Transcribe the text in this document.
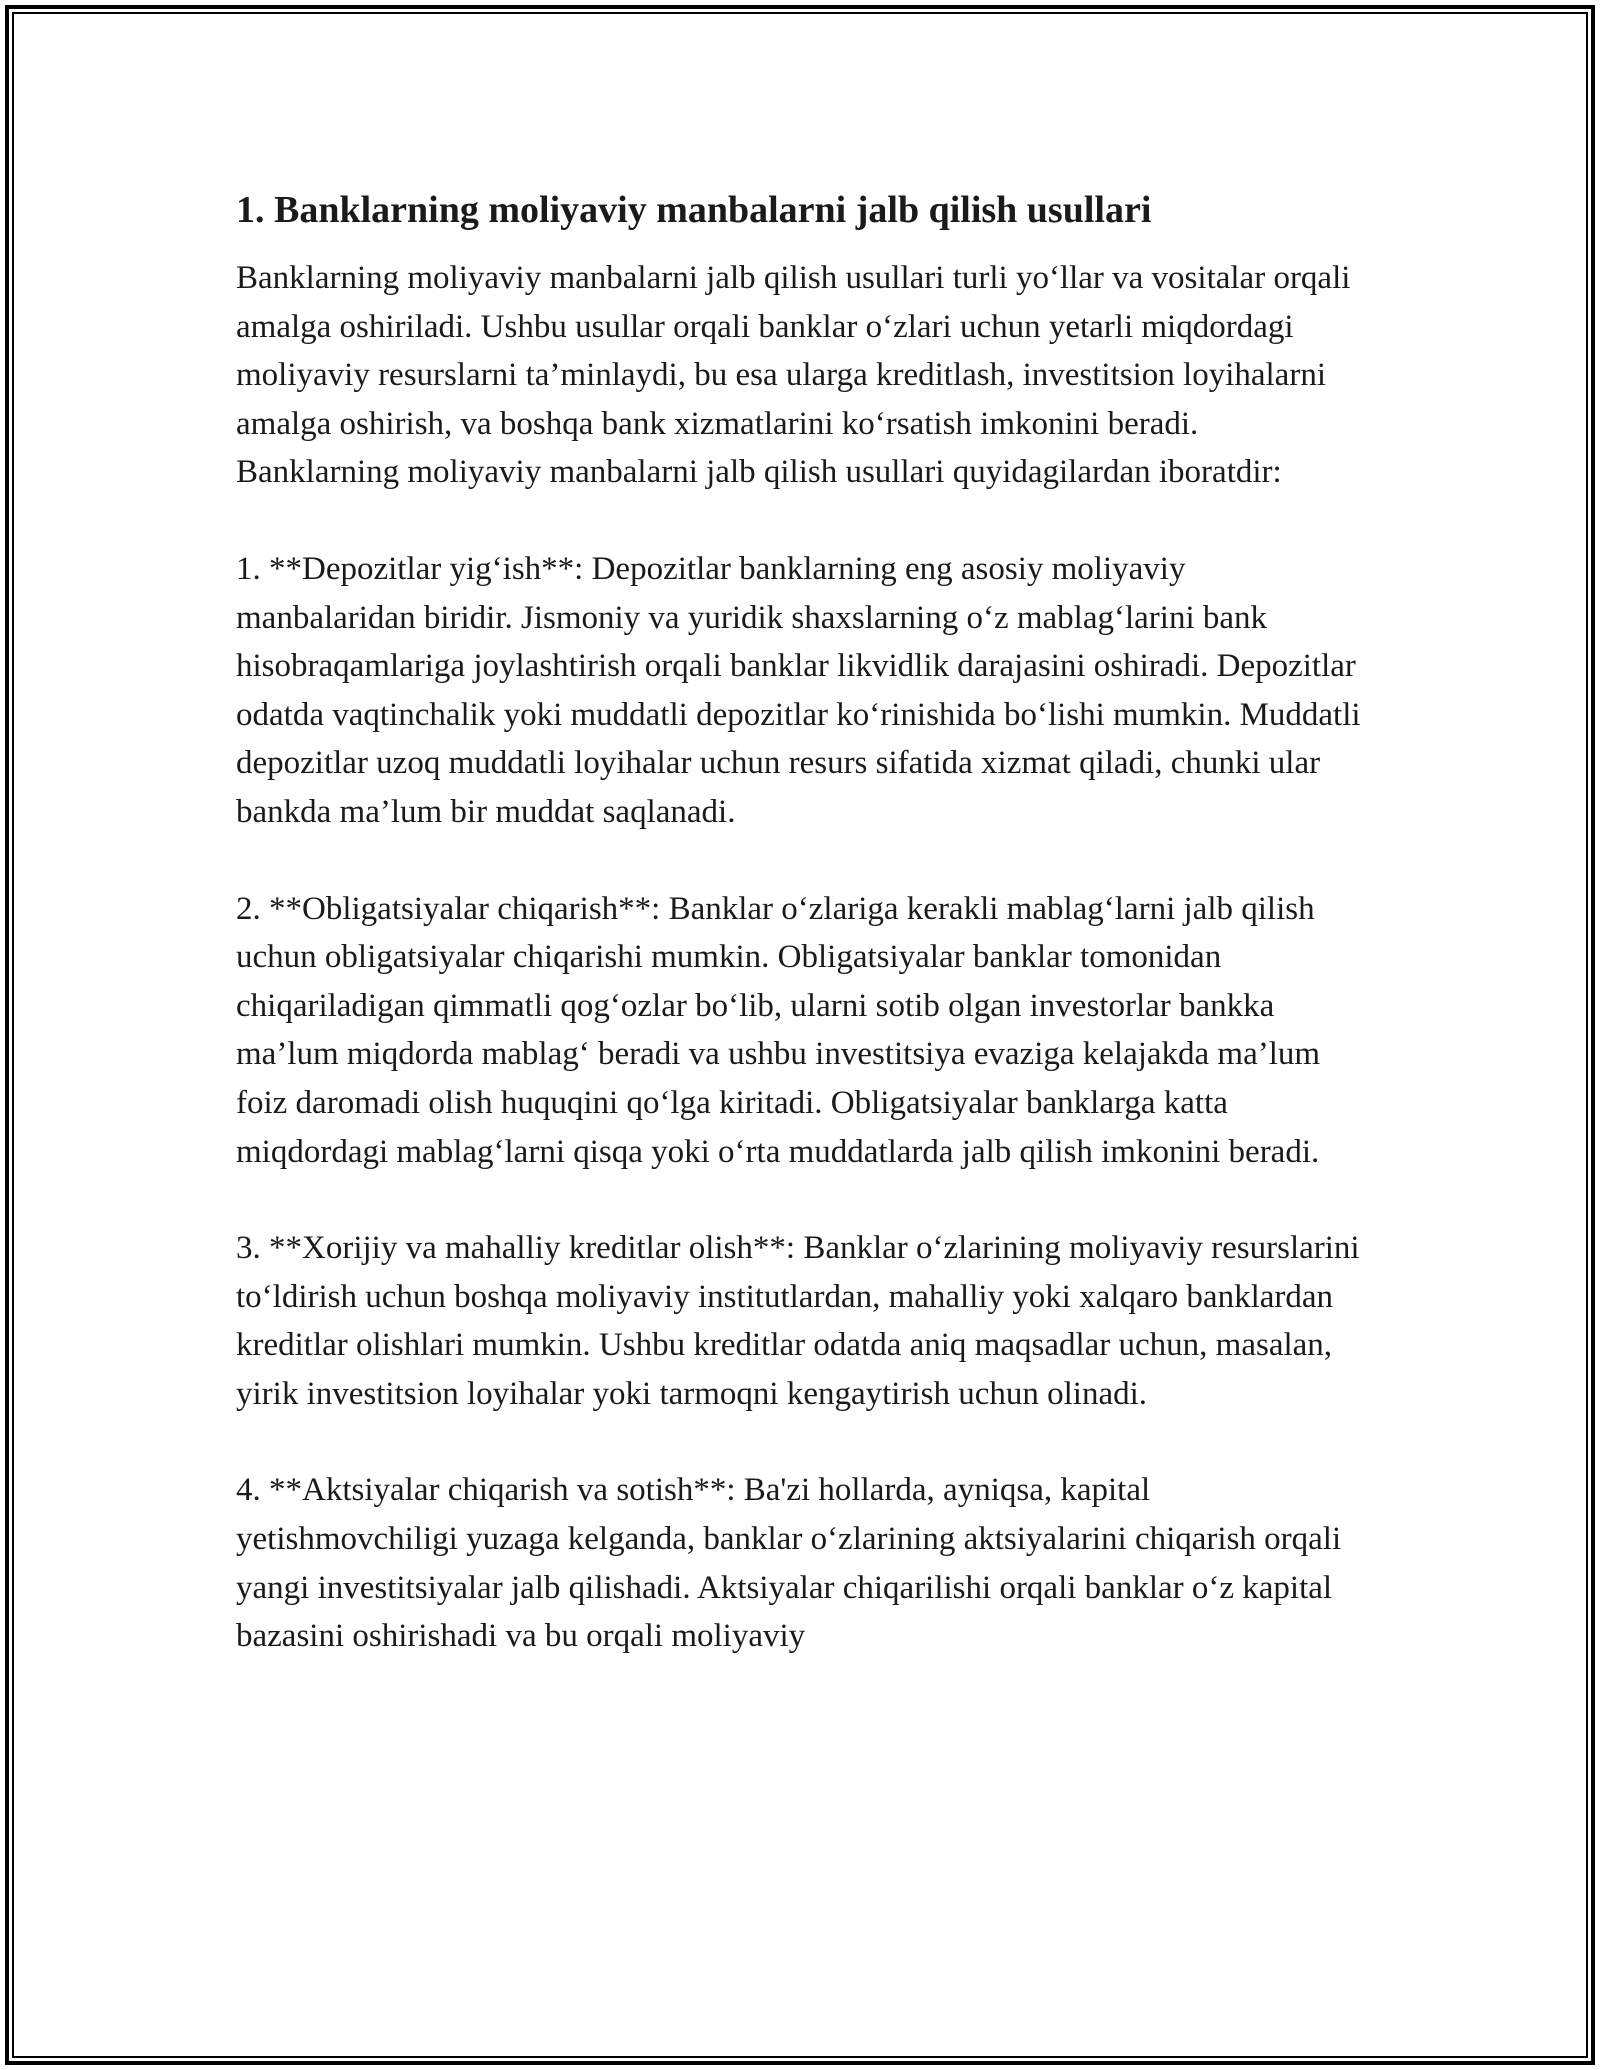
1. Banklarning moliyaviy manbalarni jalb qilish usullari

Banklarning moliyaviy manbalarni jalb qilish usullari turli yo‘llar va vositalar orqali amalga oshiriladi. Ushbu usullar orqali banklar o‘zlari uchun yetarli miqdordagi moliyaviy resurslarni ta’minlaydi, bu esa ularga kreditlash, investitsion loyihalarni amalga oshirish, va boshqa bank xizmatlarini ko‘rsatish imkonini beradi. Banklarning moliyaviy manbalarni jalb qilish usullari quyidagilardan iboratdir:

1. **Depozitlar yig‘ish**: Depozitlar banklarning eng asosiy moliyaviy manbalaridan biridir. Jismoniy va yuridik shaxslarning o‘z mablag‘larini bank hisobraqamlariga joylashtirish orqali banklar likvidlik darajasini oshiradi. Depozitlar odatda vaqtinchalik yoki muddatli depozitlar ko‘rinishida bo‘lishi mumkin. Muddatli depozitlar uzoq muddatli loyihalar uchun resurs sifatida xizmat qiladi, chunki ular bankda ma’lum bir muddat saqlanadi.

2. **Obligatsiyalar chiqarish**: Banklar o‘zlariga kerakli mablag‘larni jalb qilish uchun obligatsiyalar chiqarishi mumkin. Obligatsiyalar banklar tomonidan chiqariladigan qimmatli qog‘ozlar bo‘lib, ularni sotib olgan investorlar bankka ma’lum miqdorda mablag‘ beradi va ushbu investitsiya evaziga kelajakda ma’lum foiz daromadi olish huquqini qo‘lga kiritadi. Obligatsiyalar banklarga katta miqdordagi mablag‘larni qisqa yoki o‘rta muddatlarda jalb qilish imkonini beradi.

3. **Xorijiy va mahalliy kreditlar olish**: Banklar o‘zlarining moliyaviy resurslarini to‘ldirish uchun boshqa moliyaviy institutlardan, mahalliy yoki xalqaro banklardan kreditlar olishlari mumkin. Ushbu kreditlar odatda aniq maqsadlar uchun, masalan, yirik investitsion loyihalar yoki tarmoqni kengaytirish uchun olinadi.

4. **Aktsiyalar chiqarish va sotish**: Ba'zi hollarda, ayniqsa, kapital yetishmovchiligi yuzaga kelganda, banklar o‘zlarining aktsiyalarini chiqarish orqali yangi investitsiyalar jalb qilishadi. Aktsiyalar chiqarilishi orqali banklar o‘z kapital bazasini oshirishadi va bu orqali moliyaviy
